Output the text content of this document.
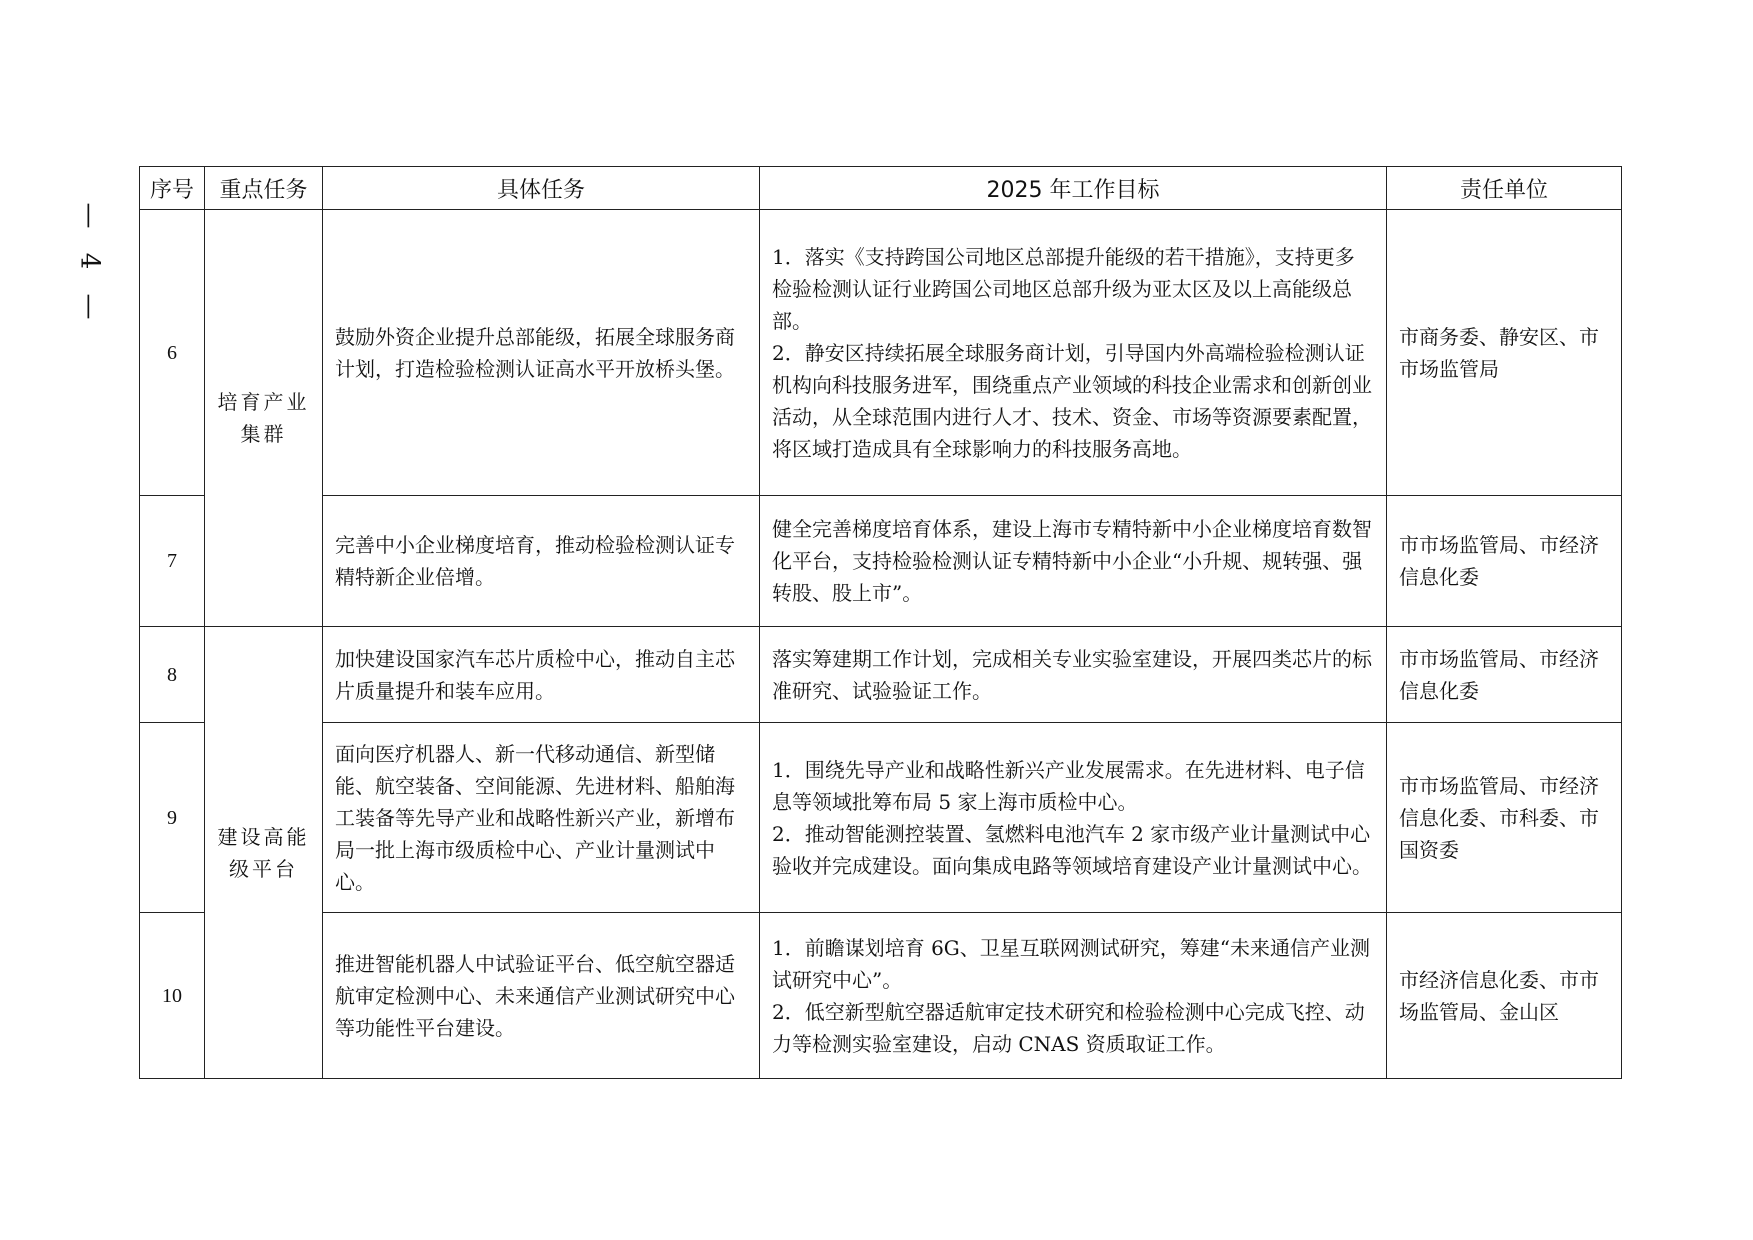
— 4 —
序号	重点任务	具体任务	2025 年工作目标	责任单位
6	培育产业集群	鼓励外资企业提升总部能级，拓展全球服务商计划，打造检验检测认证高水平开放桥头堡。	1．落实《支持跨国公司地区总部提升能级的若干措施》，支持更多检验检测认证行业跨国公司地区总部升级为亚太区及以上高能级总部。
2．静安区持续拓展全球服务商计划，引导国内外高端检验检测认证机构向科技服务进军，围绕重点产业领域的科技企业需求和创新创业活动，从全球范围内进行人才、技术、资金、市场等资源要素配置，将区域打造成具有全球影响力的科技服务高地。	市商务委、静安区、市市场监管局
7		完善中小企业梯度培育，推动检验检测认证专精特新企业倍增。	健全完善梯度培育体系，建设上海市专精特新中小企业梯度培育数智化平台，支持检验检测认证专精特新中小企业“小升规、规转强、强转股、股上市”。	市市场监管局、市经济信息化委
8	建设高能级平台	加快建设国家汽车芯片质检中心，推动自主芯片质量提升和装车应用。	落实筹建期工作计划，完成相关专业实验室建设，开展四类芯片的标准研究、试验验证工作。	市市场监管局、市经济信息化委
9		面向医疗机器人、新一代移动通信、新型储能、航空装备、空间能源、先进材料、船舶海工装备等先导产业和战略性新兴产业，新增布局一批上海市级质检中心、产业计量测试中心。	1．围绕先导产业和战略性新兴产业发展需求。在先进材料、电子信息等领域批筹布局 5 家上海市质检中心。
2．推动智能测控装置、氢燃料电池汽车 2 家市级产业计量测试中心验收并完成建设。面向集成电路等领域培育建设产业计量测试中心。	市市场监管局、市经济信息化委、市科委、市国资委
10		推进智能机器人中试验证平台、低空航空器适航审定检测中心、未来通信产业测试研究中心等功能性平台建设。	1．前瞻谋划培育 6G、卫星互联网测试研究，筹建“未来通信产业测试研究中心”。
2．低空新型航空器适航审定技术研究和检验检测中心完成飞控、动力等检测实验室建设，启动 CNAS 资质取证工作。	市经济信息化委、市市场监管局、金山区
